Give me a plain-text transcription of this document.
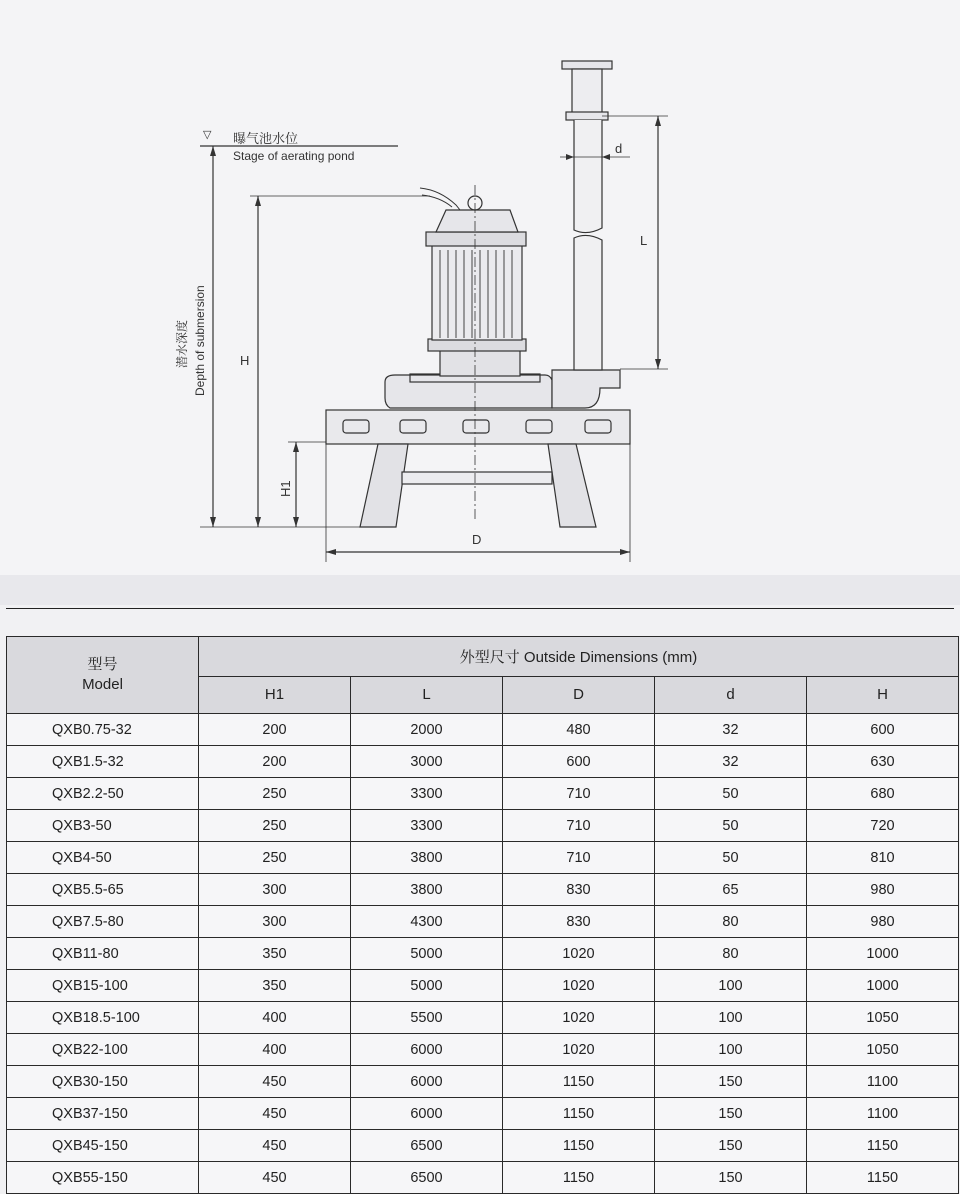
▽ 曝气池水位
Stage of aerating pond
潜水深度 Depth of submersion	H
H1
D
L
d
型号
Model	外型尺寸 Outside Dimensions (mm)				
	H1	L	D	d	H
QXB0.75-32	200	2000	480	32	600
QXB1.5-32	200	3000	600	32	630
QXB2.2-50	250	3300	710	50	680
QXB3-50	250	3300	710	50	720
QXB4-50	250	3800	710	50	810
QXB5.5-65	300	3800	830	65	980
QXB7.5-80	300	4300	830	80	980
QXB11-80	350	5000	1020	80	1000
QXB15-100	350	5000	1020	100	1000
QXB18.5-100	400	5500	1020	100	1050
QXB22-100	400	6000	1020	100	1050
QXB30-150	450	6000	1150	150	1100
QXB37-150	450	6000	1150	150	1100
QXB45-150	450	6500	1150	150	1150
QXB55-150	450	6500	1150	150	1150
